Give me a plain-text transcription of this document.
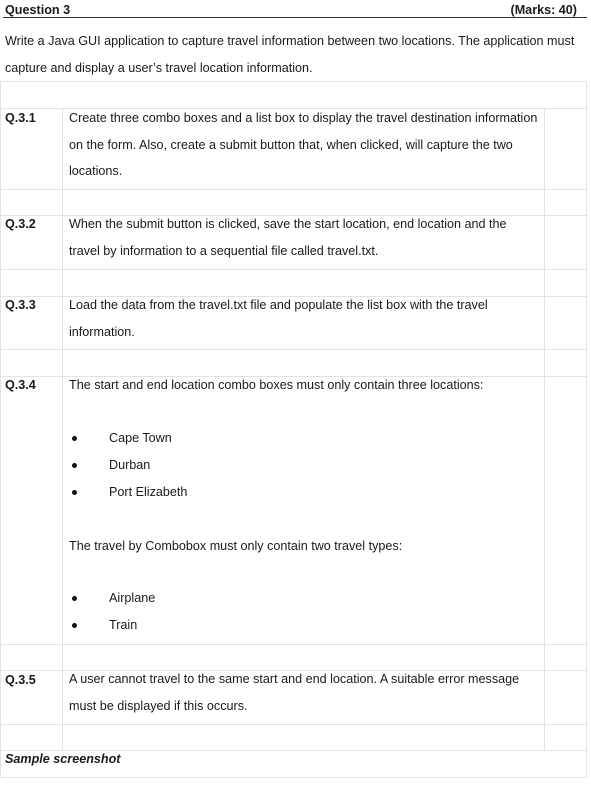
Question 3	(Marks: 40)
Write a Java GUI application to capture travel information between two locations. The application must capture and display a user’s travel location information.
Q.3.1	Create three combo boxes and a list box to display the travel destination information on the form. Also, create a submit button that, when clicked, will capture the two locations.
Q.3.2	When the submit button is clicked, save the start location, end location and the travel by information to a sequential file called travel.txt.
Q.3.3	Load the data from the travel.txt file and populate the list box with the travel information.
Q.3.4	The start and end location combo boxes must only contain three locations:
Cape Town
Durban
Port Elizabeth
The travel by Combobox must only contain two travel types:
Airplane
Train
Q.3.5	A user cannot travel to the same start and end location. A suitable error message must be displayed if this occurs.
Sample screenshot
